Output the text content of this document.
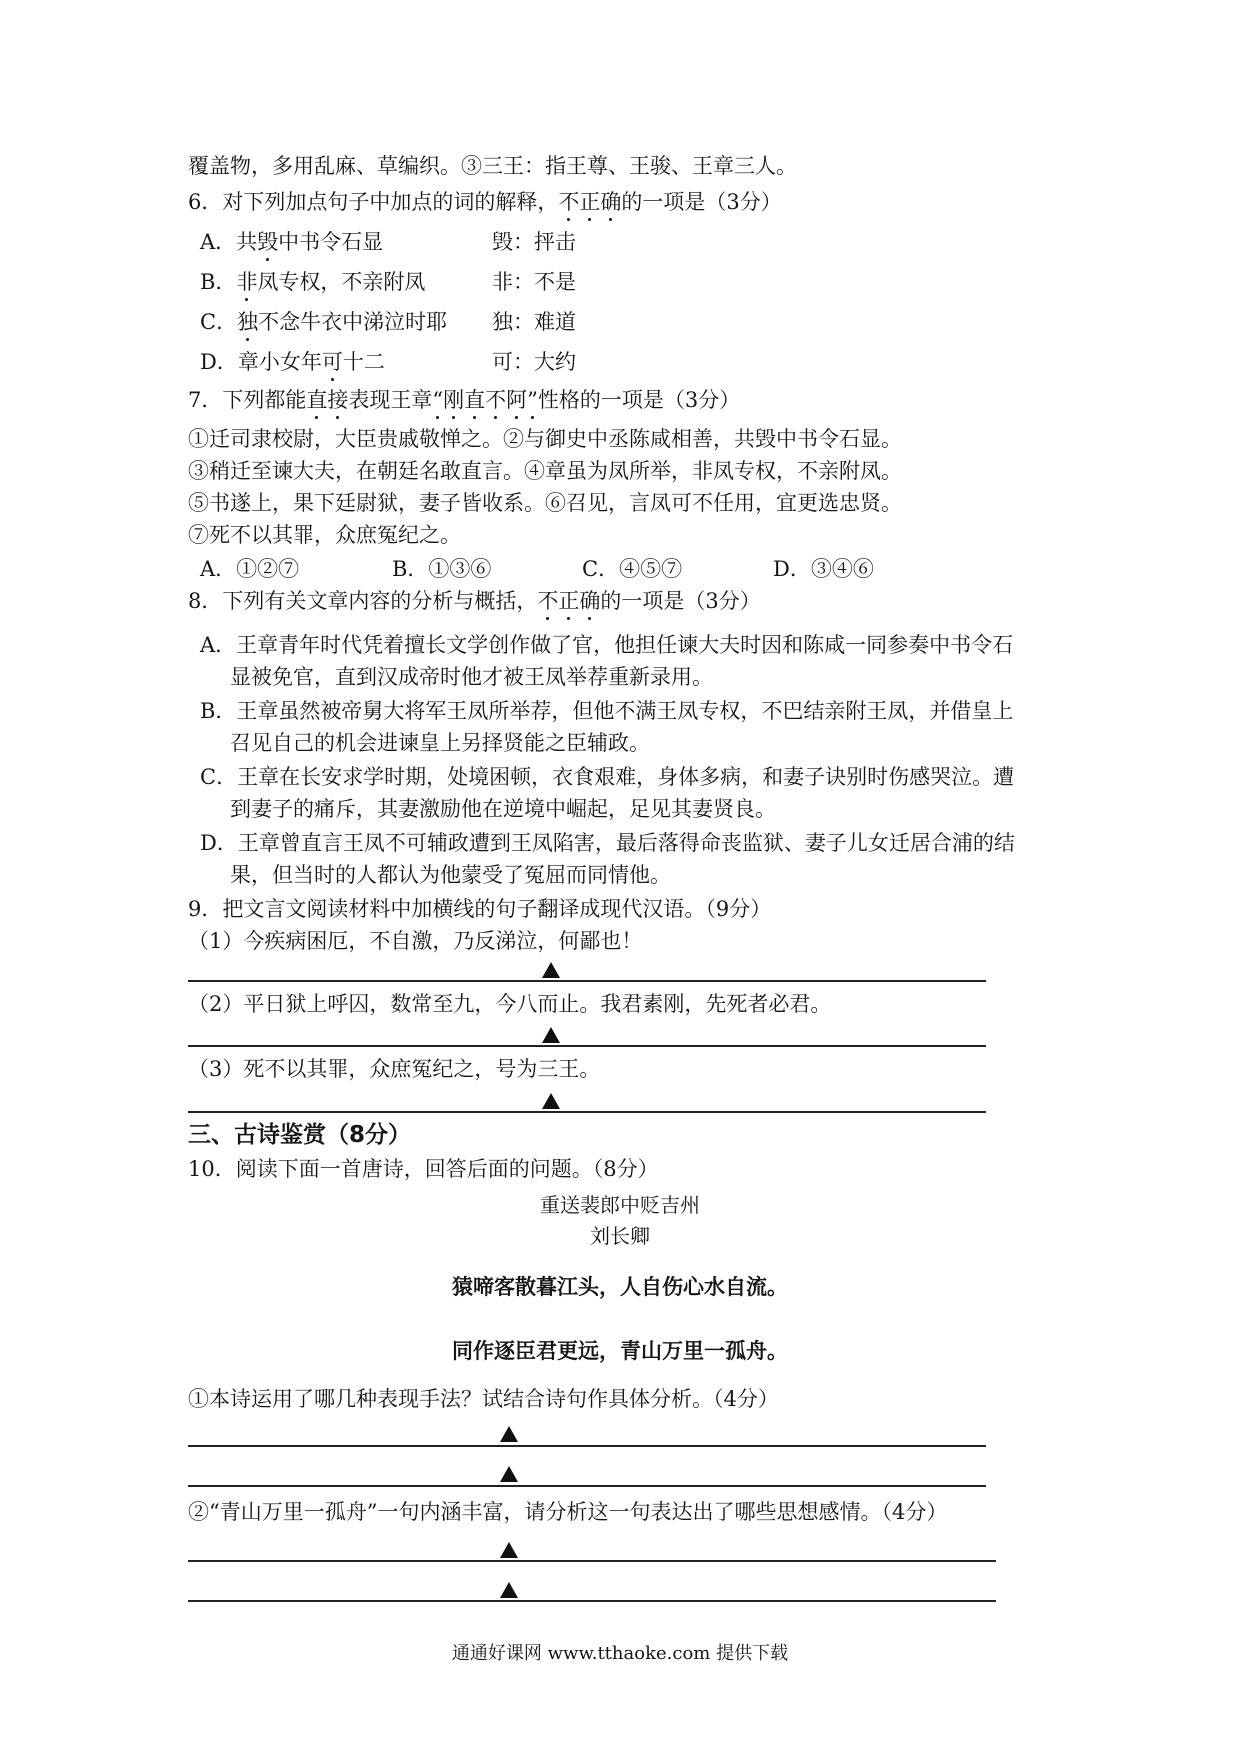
覆盖物，多用乱麻、草编织。③三王：指王尊、王骏、王章三人。
6．对下列加点句子中加点的词的解释，不正确的一项是（3分）
A．共毁中书令石显	毁：抨击
B．非凤专权，不亲附凤	非：不是
C．独不念牛衣中涕泣时耶 独：难道
D．章小女年可十二	可：大约
7．下列都能直接表现王章“刚直不阿”性格的一项是（3分）
①迁司隶校尉，大臣贵戚敬惮之。②与御史中丞陈咸相善，共毁中书令石显。
③稍迁至谏大夫，在朝廷名敢直言。④章虽为凤所举，非凤专权，不亲附凤。
⑤书遂上，果下廷尉狱，妻子皆收系。⑥召见，言凤可不任用，宜更选忠贤。
⑦死不以其罪，众庶冤纪之。
A．①②⑦	B．①③⑥	C．④⑤⑦	D．③④⑥
8．下列有关文章内容的分析与概括，不正确的一项是（3分）
A．王章青年时代凭着擅长文学创作做了官，他担任谏大夫时因和陈咸一同参奏中书令石
显被免官，直到汉成帝时他才被王凤举荐重新录用。
B．王章虽然被帝舅大将军王凤所举荐，但他不满王凤专权，不巴结亲附王凤，并借皇上
召见自己的机会进谏皇上另择贤能之臣辅政。
C．王章在长安求学时期，处境困顿，衣食艰难，身体多病，和妻子诀别时伤感哭泣。遭
到妻子的痛斥，其妻激励他在逆境中崛起，足见其妻贤良。
D．王章曾直言王凤不可辅政遭到王凤陷害，最后落得命丧监狱、妻子儿女迁居合浦的结
果，但当时的人都认为他蒙受了冤屈而同情他。
9．把文言文阅读材料中加横线的句子翻译成现代汉语。（9分）
（1）今疾病困厄，不自激，乃反涕泣，何鄙也！
（2）平日狱上呼囚，数常至九，今八而止。我君素刚，先死者必君。
（3）死不以其罪，众庶冤纪之，号为三王。
三、古诗鉴赏（8分）
10．阅读下面一首唐诗，回答后面的问题。（8分）
重送裴郎中贬吉州
刘长卿
猿啼客散暮江头，人自伤心水自流。
同作逐臣君更远，青山万里一孤舟。
①本诗运用了哪几种表现手法？试结合诗句作具体分析。（4分）
②“青山万里一孤舟”一句内涵丰富，请分析这一句表达出了哪些思想感情。（4分）
通通好课网 www.tthaoke.com 提供下载
